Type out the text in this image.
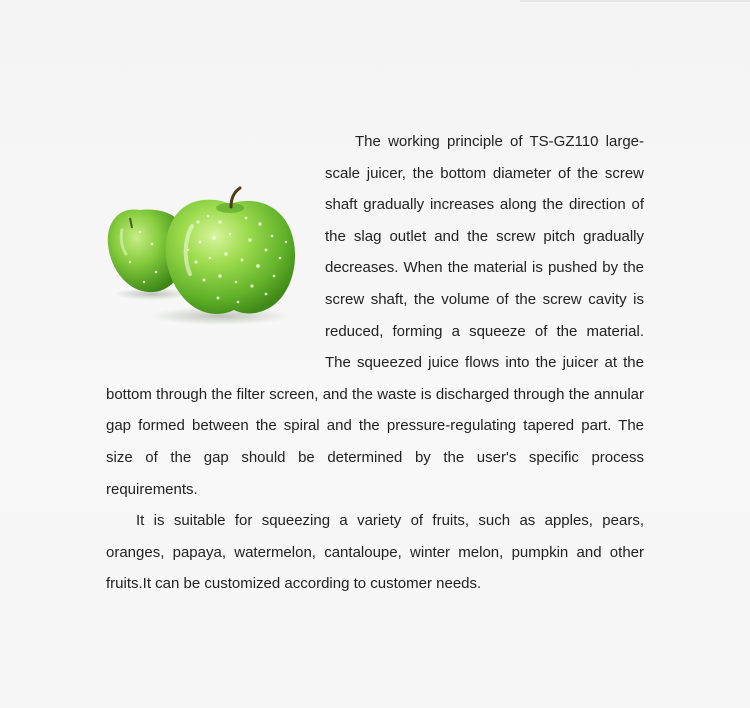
The working principle of TS-GZ110 large-scale juicer, the bottom diameter of the screw shaft gradually increases along the direction of the slag outlet and the screw pitch gradually decreases. When the material is pushed by the screw shaft, the volume of the screw cavity is reduced, forming a squeeze of the material. The squeezed juice flows into the juicer at the bottom through the filter screen, and the waste is discharged through the annular gap formed between the spiral and the pressure-regulating tapered part. The size of the gap should be determined by the user's specific process requirements.

It is suitable for squeezing a variety of fruits, such as apples, pears, oranges, papaya, watermelon, cantaloupe, winter melon, pumpkin and other fruits.It can be customized according to customer needs.
